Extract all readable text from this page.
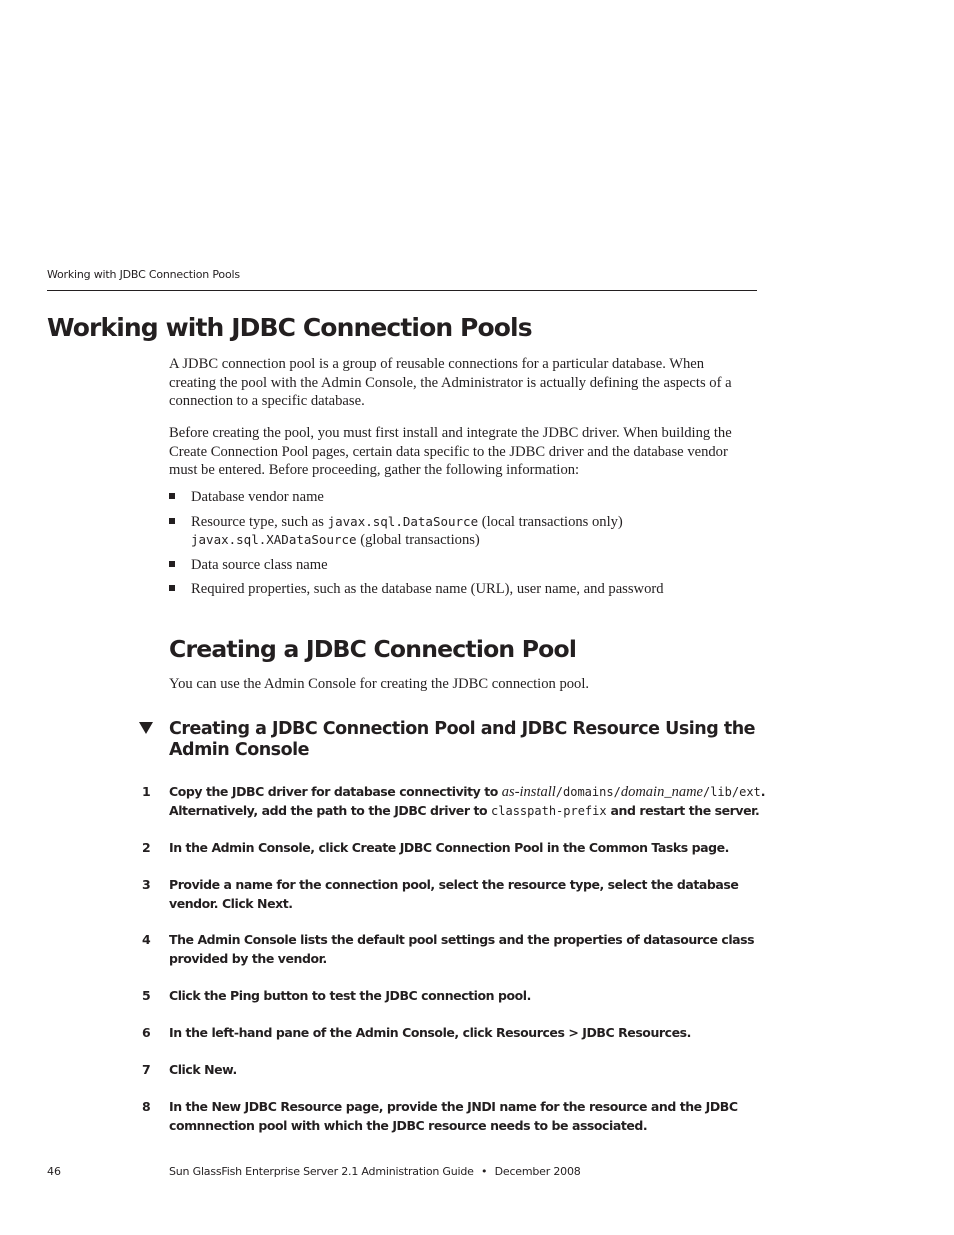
Working with JDBC Connection Pools
Working with JDBC Connection Pools

A JDBC connection pool is a group of reusable connections for a particular database. When creating the pool with the Admin Console, the Administrator is actually defining the aspects of a connection to a specific database.

Before creating the pool, you must first install and integrate the JDBC driver. When building the Create Connection Pool pages, certain data specific to the JDBC driver and the database vendor must be entered. Before proceeding, gather the following information:

Database vendor name
Resource type, such as javax.sql.DataSource (local transactions only)
javax.sql.XADataSource (global transactions)
Data source class name
Required properties, such as the database name (URL), user name, and password
Creating a JDBC Connection Pool

You can use the Admin Console for creating the JDBC connection pool.

Creating a JDBC Connection Pool and JDBC Resource Using the Admin Console
1 Copy the JDBC driver for database connectivity to as-install/domains/domain_name/lib/ext. Alternatively, add the path to the JDBC driver to classpath-prefix and restart the server.

2 In the Admin Console, click Create JDBC Connection Pool in the Common Tasks page.

3 Provide a name for the connection pool, select the resource type, select the database vendor. Click Next.

4 The Admin Console lists the default pool settings and the properties of datasource class provided by the vendor.

5 Click the Ping button to test the JDBC connection pool.

6 In the left-hand pane of the Admin Console, click Resources > JDBC Resources.

7 Click New.

8 In the New JDBC Resource page, provide the JNDI name for the resource and the JDBC comnnection pool with which the JDBC resource needs to be associated.

46	Sun GlassFish Enterprise Server 2.1 Administration Guide • December 2008
